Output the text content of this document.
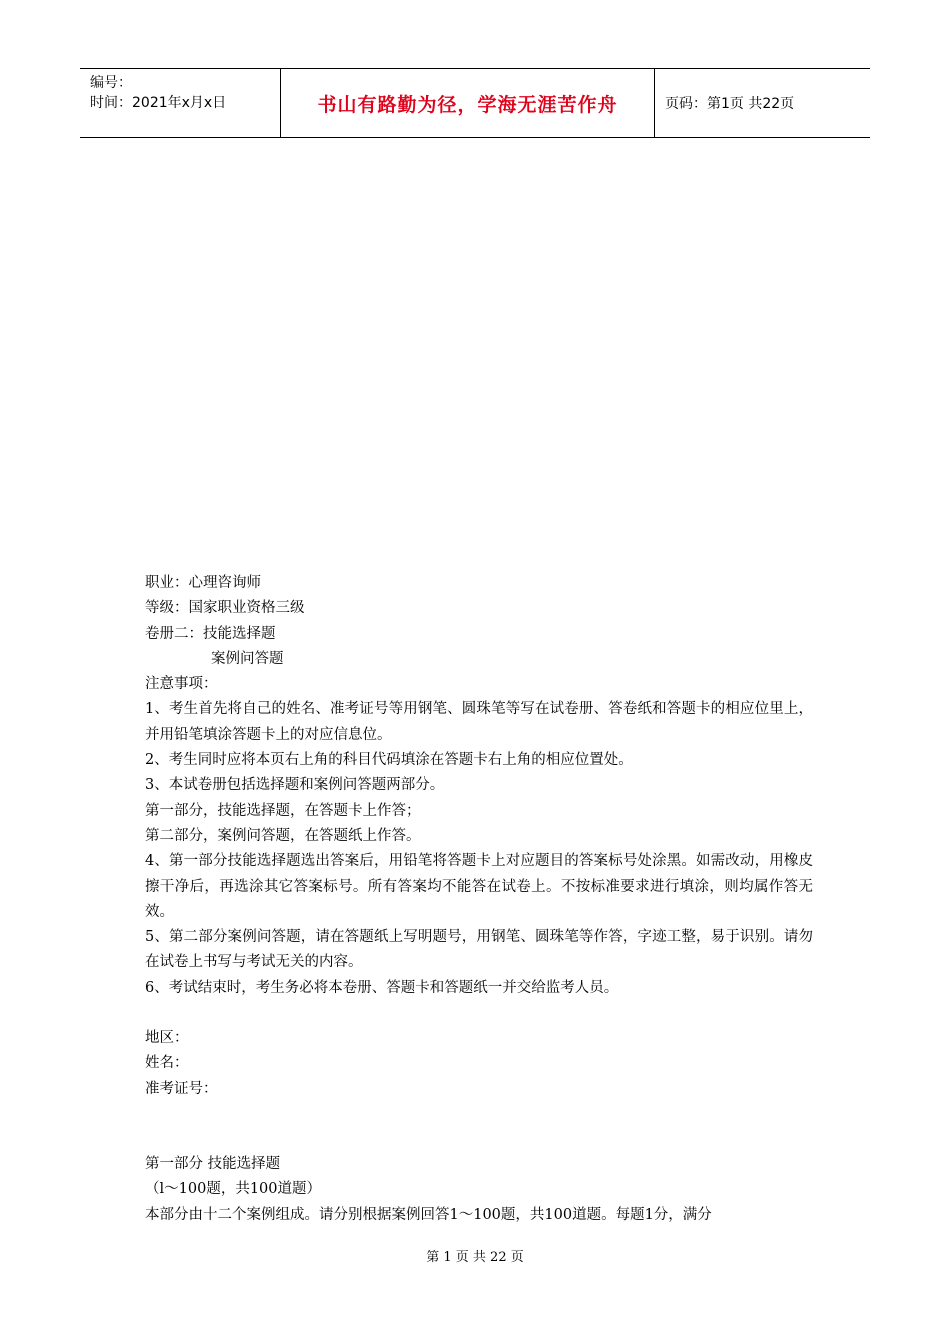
编号：
时间：2021年x月x日	书山有路勤为径，学海无涯苦作舟	页码：第1页 共22页

职业：心理咨询师

等级：国家职业资格三级

卷册二：技能选择题

案例问答题

注意事项：

1、考生首先将自己的姓名、准考证号等用钢笔、圆珠笔等写在试卷册、答卷纸和答题卡的相应位里上，并用铅笔填涂答题卡上的对应信息位。

2、考生同时应将本页右上角的科目代码填涂在答题卡右上角的相应位置处。

3、本试卷册包括选择题和案例问答题两部分。

第一部分，技能选择题，在答题卡上作答；

第二部分，案例问答题，在答题纸上作答。

4、第一部分技能选择题选出答案后，用铅笔将答题卡上对应题目的答案标号处涂黑。如需改动，用橡皮擦干净后，再选涂其它答案标号。所有答案均不能答在试卷上。不按标准要求进行填涂，则均属作答无效。

5、第二部分案例问答题，请在答题纸上写明题号，用钢笔、圆珠笔等作答，字迹工整，易于识别。请勿在试卷上书写与考试无关的内容。

6、考试结束时，考生务必将本卷册、答题卡和答题纸一并交给监考人员。

地区：

姓名：

准考证号：

第一部分 技能选择题

（l～100题，共100道题）

本部分由十二个案例组成。请分别根据案例回答1～100题，共100道题。每题1分，满分

第 1 页 共 22 页
